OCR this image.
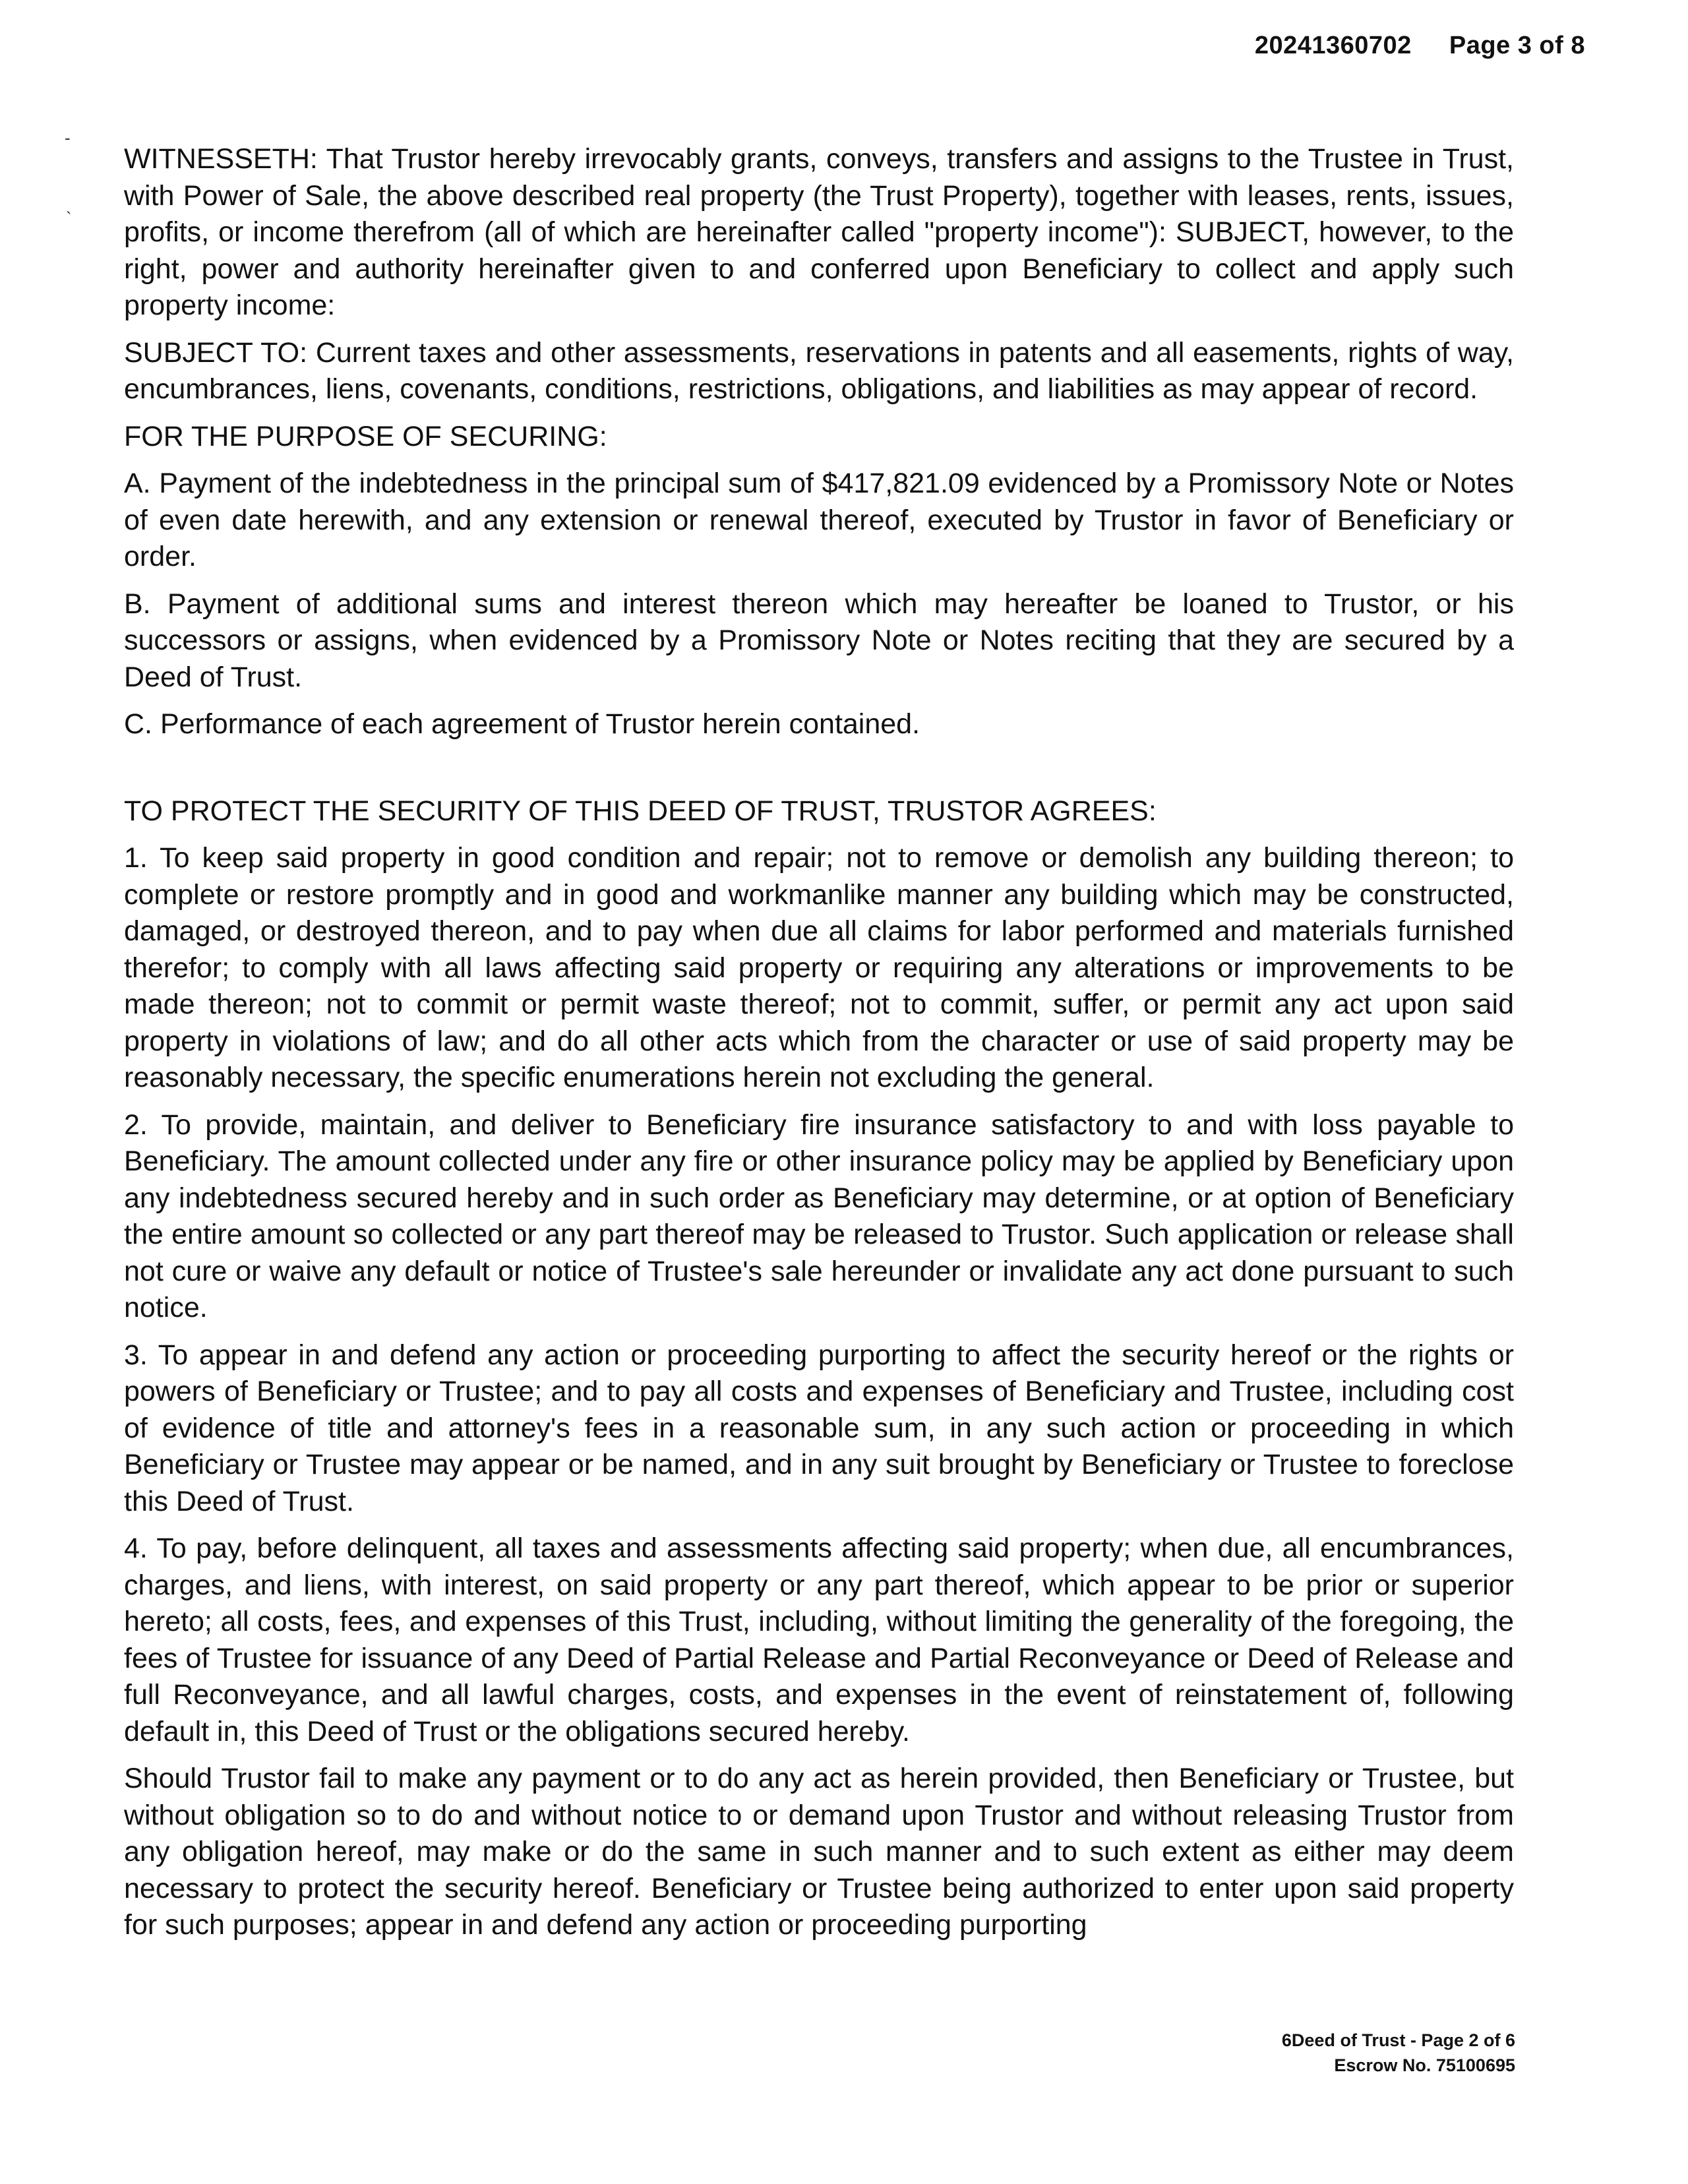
20241360702 Page 3 of 8
-
`

WITNESSETH: That Trustor hereby irrevocably grants, conveys, transfers and assigns to the Trustee in Trust, with Power of Sale, the above described real property (the Trust Property), together with leases, rents, issues, profits, or income therefrom (all of which are hereinafter called "property income"): SUBJECT, however, to the right, power and authority hereinafter given to and conferred upon Beneficiary to collect and apply such property income:

SUBJECT TO: Current taxes and other assessments, reservations in patents and all easements, rights of way, encumbrances, liens, covenants, conditions, restrictions, obligations, and liabilities as may appear of record.

FOR THE PURPOSE OF SECURING:

A. Payment of the indebtedness in the principal sum of $417,821.09 evidenced by a Promissory Note or Notes of even date herewith, and any extension or renewal thereof, executed by Trustor in favor of Beneficiary or order.

B. Payment of additional sums and interest thereon which may hereafter be loaned to Trustor, or his successors or assigns, when evidenced by a Promissory Note or Notes reciting that they are secured by a Deed of Trust.

C. Performance of each agreement of Trustor herein contained.

TO PROTECT THE SECURITY OF THIS DEED OF TRUST, TRUSTOR AGREES:

1. To keep said property in good condition and repair; not to remove or demolish any building thereon; to complete or restore promptly and in good and workmanlike manner any building which may be constructed, damaged, or destroyed thereon, and to pay when due all claims for labor performed and materials furnished therefor; to comply with all laws affecting said property or requiring any alterations or improvements to be made thereon; not to commit or permit waste thereof; not to commit, suffer, or permit any act upon said property in violations of law; and do all other acts which from the character or use of said property may be reasonably necessary, the specific enumerations herein not excluding the general.

2. To provide, maintain, and deliver to Beneficiary fire insurance satisfactory to and with loss payable to Beneficiary. The amount collected under any fire or other insurance policy may be applied by Beneficiary upon any indebtedness secured hereby and in such order as Beneficiary may determine, or at option of Beneficiary the entire amount so collected or any part thereof may be released to Trustor. Such application or release shall not cure or waive any default or notice of Trustee's sale hereunder or invalidate any act done pursuant to such notice.

3. To appear in and defend any action or proceeding purporting to affect the security hereof or the rights or powers of Beneficiary or Trustee; and to pay all costs and expenses of Beneficiary and Trustee, including cost of evidence of title and attorney's fees in a reasonable sum, in any such action or proceeding in which Beneficiary or Trustee may appear or be named, and in any suit brought by Beneficiary or Trustee to foreclose this Deed of Trust.

4. To pay, before delinquent, all taxes and assessments affecting said property; when due, all encumbrances, charges, and liens, with interest, on said property or any part thereof, which appear to be prior or superior hereto; all costs, fees, and expenses of this Trust, including, without limiting the generality of the foregoing, the fees of Trustee for issuance of any Deed of Partial Release and Partial Reconveyance or Deed of Release and full Reconveyance, and all lawful charges, costs, and expenses in the event of reinstatement of, following default in, this Deed of Trust or the obligations secured hereby.

Should Trustor fail to make any payment or to do any act as herein provided, then Beneficiary or Trustee, but without obligation so to do and without notice to or demand upon Trustor and without releasing Trustor from any obligation hereof, may make or do the same in such manner and to such extent as either may deem necessary to protect the security hereof. Beneficiary or Trustee being authorized to enter upon said property for such purposes; appear in and defend any action or proceeding purporting

6Deed of Trust - Page 2 of 6
Escrow No. 75100695
